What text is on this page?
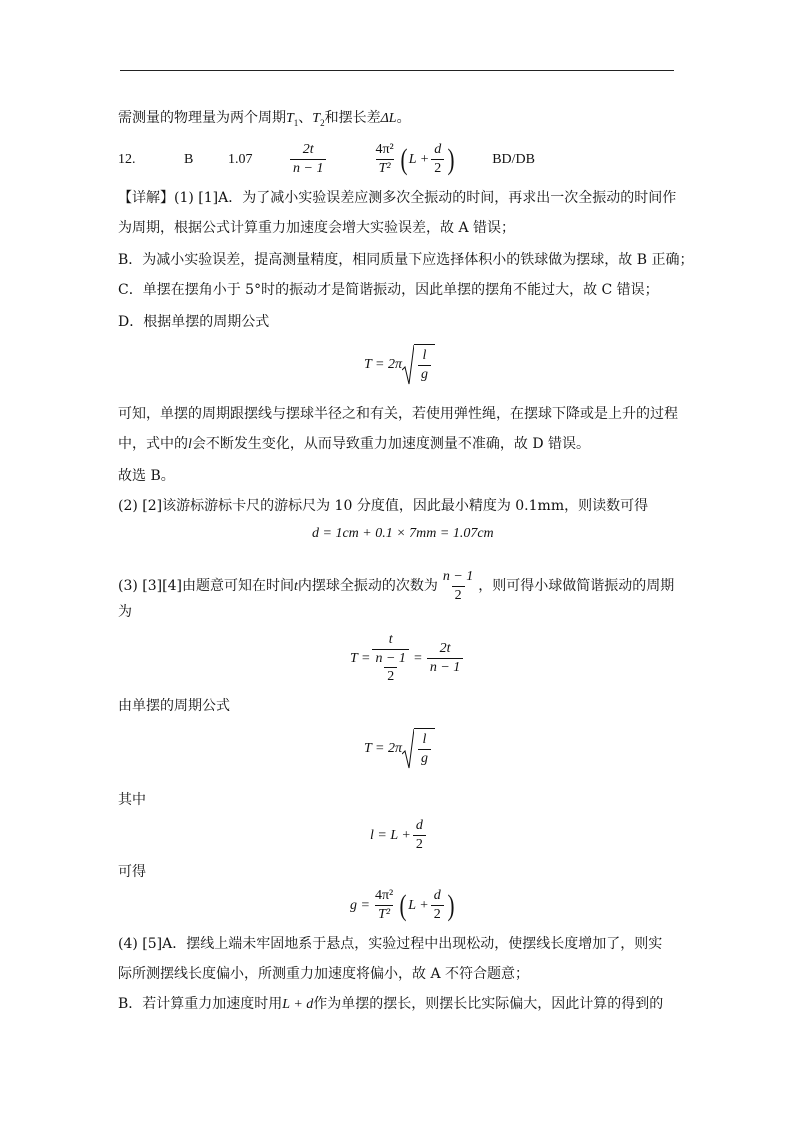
需测量的物理量为两个周期$T_1$、$T_2$和摆长差ΔL。
12.	B	1.07	$\frac{2t}{n - 1}$	$\frac{\text{4π²}}{\text{T²}}$ ( $L + \frac{d}{2}$ )	BD/DB
【详解】(1) [1]A．为了减小实验误差应测多次全振动的时间，再求出一次全振动的时间作
为周期，根据公式计算重力加速度会增大实验误差，故 A 错误；
B．为减小实验误差，提高测量精度，相同质量下应选择体积小的铁球做为摆球，故 B 正确；
C．单摆在摆角小于 5°时的振动才是简谐振动，因此单摆的摆角不能过大，故 C 错误；
D．根据单摆的周期公式
$T = 2\pi \frac{l}{g}$
可知，单摆的周期跟摆线与摆球半径之和有关，若使用弹性绳，在摆球下降或是上升的过程
中，式中的l会不断发生变化，从而导致重力加速度测量不准确，故 D 错误。
故选 B。
(2) [2]该游标游标卡尺的游标尺为 10 分度值，因此最小精度为 0.1mm，则读数可得
d = 1cm + 0.1 × 7mm = 1.07cm
(3) [3][4]由题意可知在时间t内摆球全振动的次数为 $\frac{n - 1}{2}$ ，则可得小球做简谐振动的周期
为
$T = \frac{t}{\frac{n - 1}{2}} = \frac{2t}{n - 1}$
由单摆的周期公式
$T = 2\pi \frac{l}{g}$
其中
$l = L + \frac{d}{2}$
可得
$g = \frac{\text{4π²}}{\text{T²}}$ ( $L + \frac{d}{2}$ )
(4) [5]A．摆线上端未牢固地系于悬点，实验过程中出现松动，使摆线长度增加了，则实
际所测摆线长度偏小，所测重力加速度将偏小，故 A 不符合题意；
B．若计算重力加速度时用L + d作为单摆的摆长，则摆长比实际偏大，因此计算的得到的
